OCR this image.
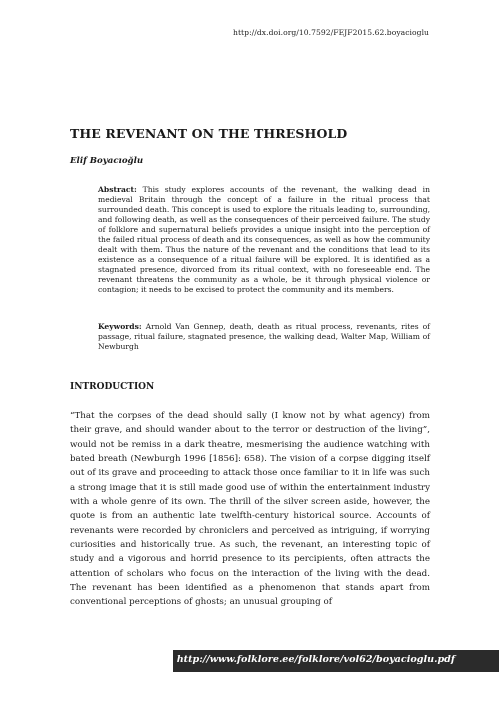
http://dx.doi.org/10.7592/FEJF2015.62.boyacioglu
THE REVENANT ON THE THRESHOLD
Elif Boyacıoğlu

Abstract: This study explores accounts of the revenant, the walking dead in medieval Britain through the concept of a failure in the ritual process that surrounded death. This concept is used to explore the rituals leading to, surrounding, and following death, as well as the consequences of their perceived failure. The study of folklore and supernatural beliefs provides a unique insight into the perception of the failed ritual process of death and its consequences, as well as how the community dealt with them. Thus the nature of the revenant and the conditions that lead to its existence as a consequence of a ritual failure will be explored. It is identified as a stagnated presence, divorced from its ritual context, with no foreseeable end. The revenant threatens the community as a whole, be it through physical violence or contagion; it needs to be excised to protect the community and its members.

Keywords: Arnold Van Gennep, death, death as ritual process, revenants, rites of passage, ritual failure, stagnated presence, the walking dead, Walter Map, William of Newburgh

INTRODUCTION

“That the corpses of the dead should sally (I know not by what agency) from their grave, and should wander about to the terror or destruction of the living”, would not be remiss in a dark theatre, mesmerising the audience watching with bated breath (Newburgh 1996 [1856]: 658). The vision of a corpse digging itself out of its grave and proceeding to attack those once familiar to it in life was such a strong image that it is still made good use of within the entertainment industry with a whole genre of its own. The thrill of the silver screen aside, however, the quote is from an authentic late twelfth-century historical source. Accounts of revenants were recorded by chroniclers and perceived as intriguing, if worrying curiosities and historically true. As such, the revenant, an interesting topic of study and a vigorous and horrid presence to its percipients, often attracts the attention of scholars who focus on the interaction of the living with the dead. The revenant has been identified as a phenomenon that stands apart from conventional perceptions of ghosts; an unusual grouping of

http://www.folklore.ee/folklore/vol62/boyacioglu.pdf
